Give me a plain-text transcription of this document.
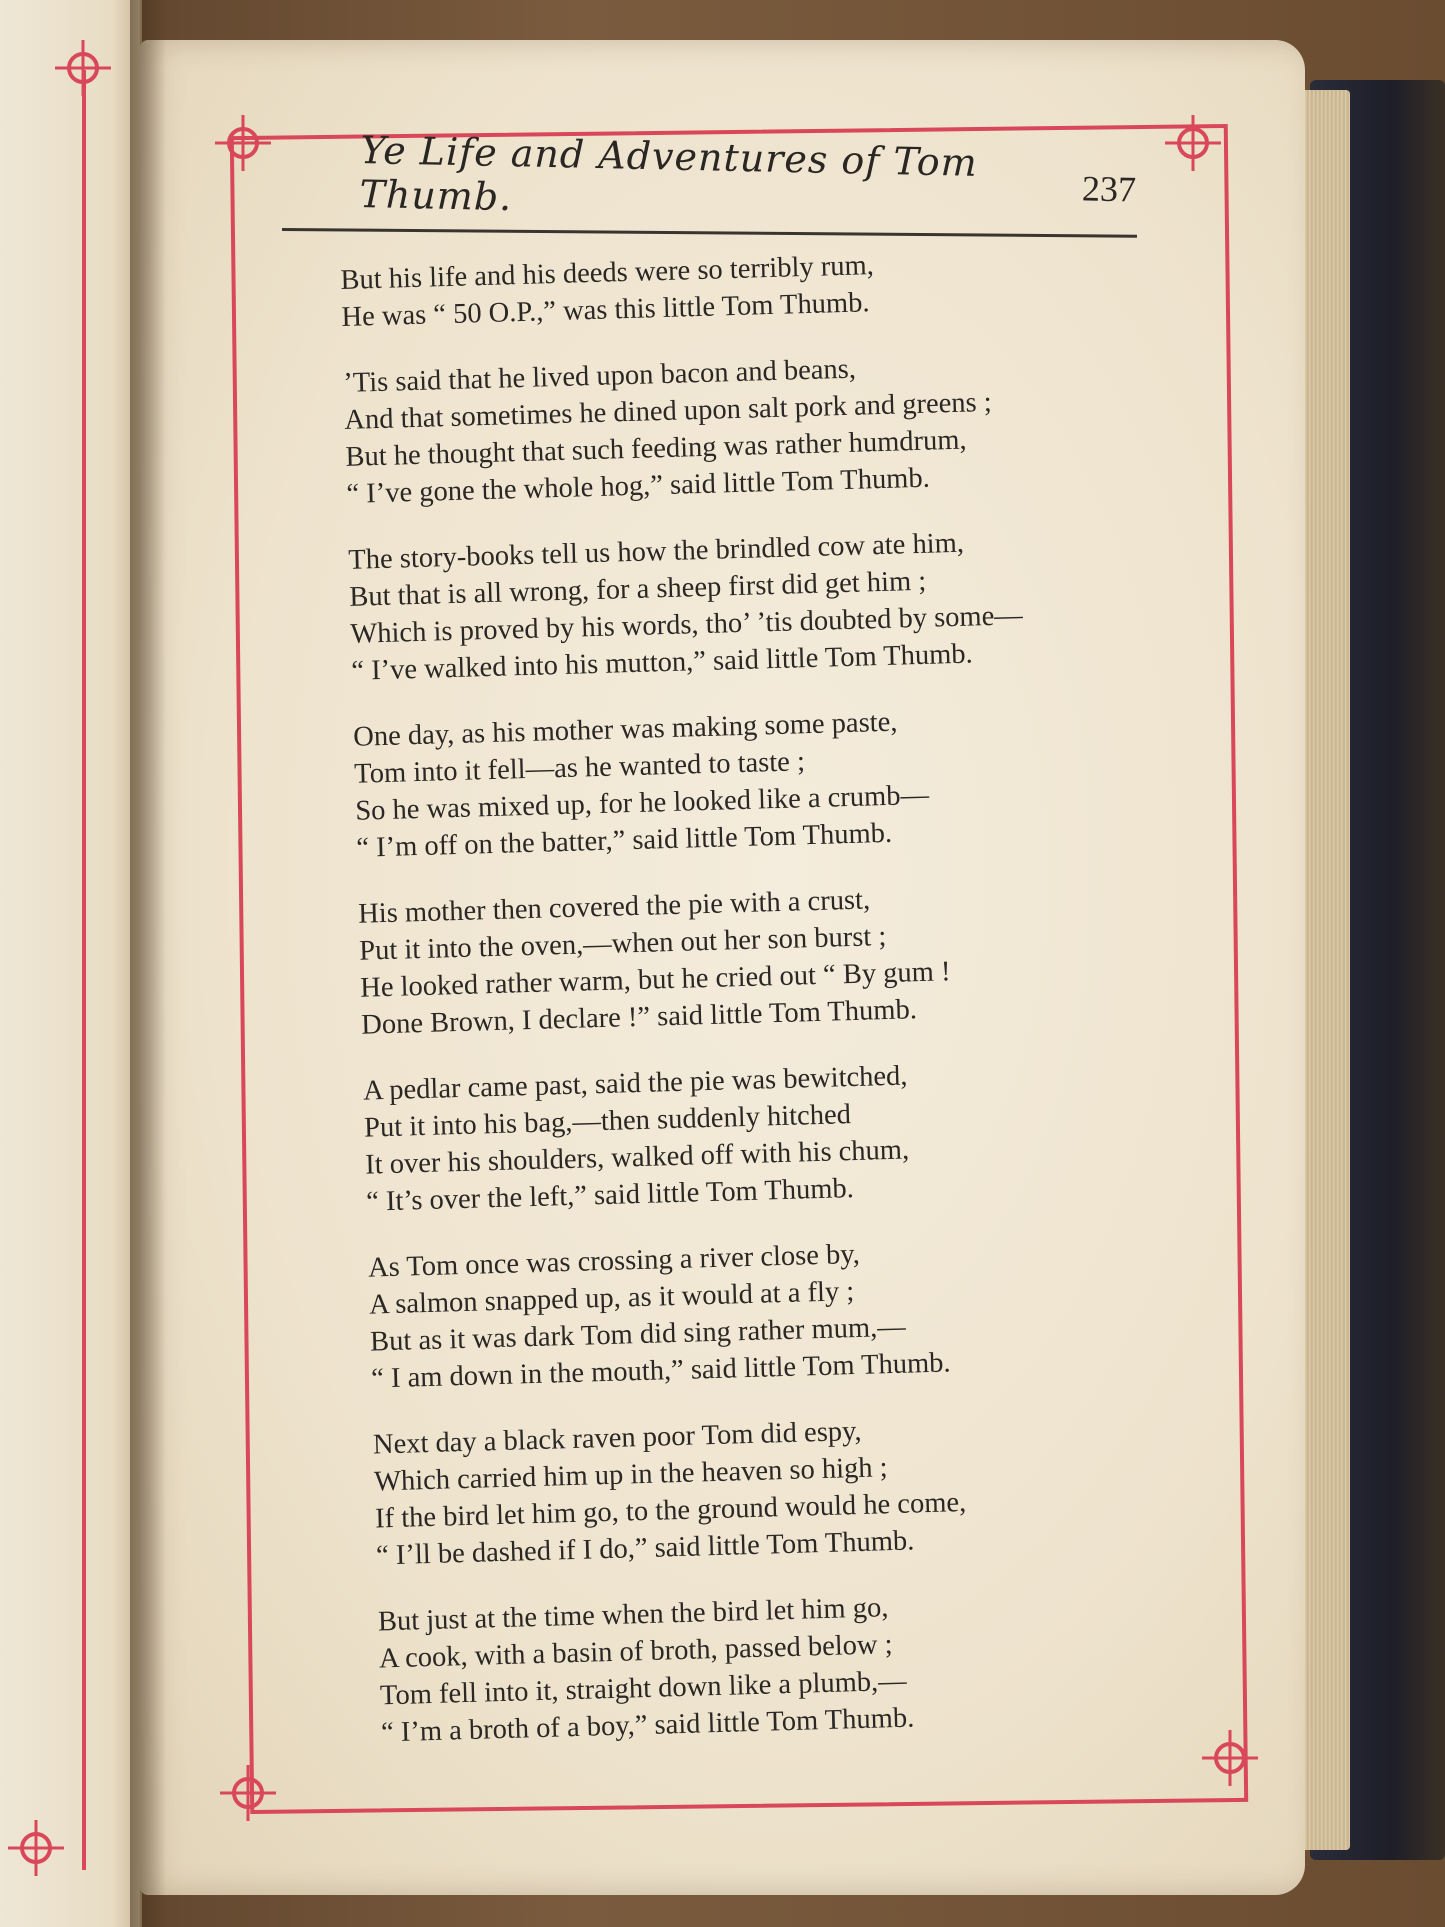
Ye Life and Adventures of Tom Thumb.	237
But his life and his deeds were so terribly rum,
He was “ 50 O.P.,” was this little Tom Thumb.
’Tis said that he lived upon bacon and beans,
And that sometimes he dined upon salt pork and greens ;
But he thought that such feeding was rather humdrum,
“ I’ve gone the whole hog,” said little Tom Thumb.
The story-books tell us how the brindled cow ate him,
But that is all wrong, for a sheep first did get him ;
Which is proved by his words, tho’ ’tis doubted by some—
“ I’ve walked into his mutton,” said little Tom Thumb.
One day, as his mother was making some paste,
Tom into it fell—as he wanted to taste ;
So he was mixed up, for he looked like a crumb—
“ I’m off on the batter,” said little Tom Thumb.
His mother then covered the pie with a crust,
Put it into the oven,—when out her son burst ;
He looked rather warm, but he cried out “ By gum !
Done Brown, I declare !” said little Tom Thumb.
A pedlar came past, said the pie was bewitched,
Put it into his bag,—then suddenly hitched
It over his shoulders, walked off with his chum,
“ It’s over the left,” said little Tom Thumb.
As Tom once was crossing a river close by,
A salmon snapped up, as it would at a fly ;
But as it was dark Tom did sing rather mum,—
“ I am down in the mouth,” said little Tom Thumb.
Next day a black raven poor Tom did espy,
Which carried him up in the heaven so high ;
If the bird let him go, to the ground would he come,
“ I’ll be dashed if I do,” said little Tom Thumb.
But just at the time when the bird let him go,
A cook, with a basin of broth, passed below ;
Tom fell into it, straight down like a plumb,—
“ I’m a broth of a boy,” said little Tom Thumb.
